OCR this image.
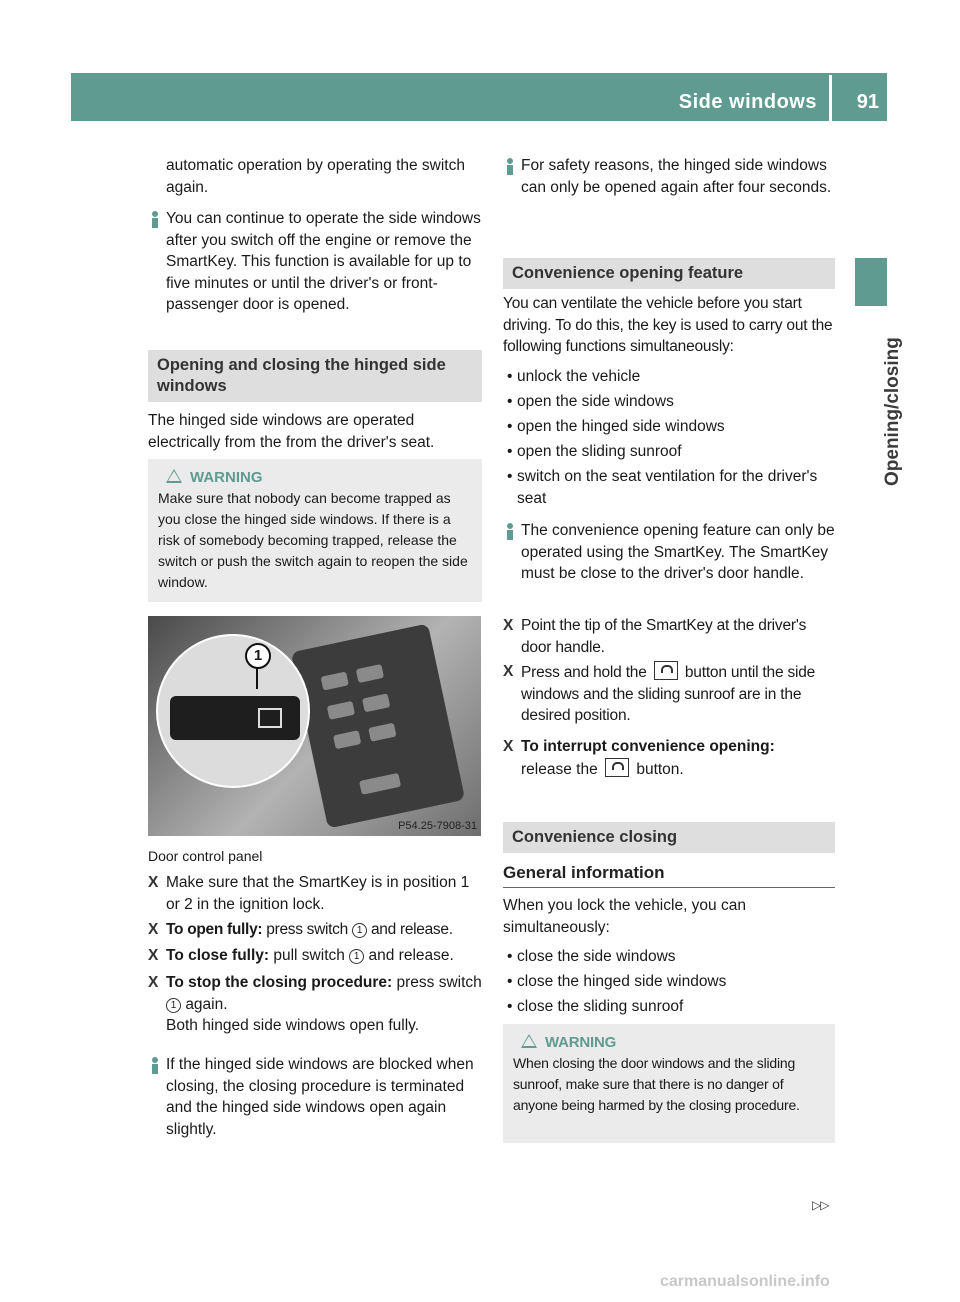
Side windows 91
Opening/closing
automatic operation by operating the switch again.
You can continue to operate the side windows after you switch off the engine or remove the SmartKey. This function is available for up to five minutes or until the driver's or front-passenger door is opened.
Opening and closing the hinged side windows
The hinged side windows are operated electrically from the from the driver's seat.
WARNING
Make sure that nobody can become trapped as you close the hinged side windows. If there is a risk of somebody becoming trapped, release the switch or push the switch again to reopen the side window.
1
P54.25-7908-31
Door control panel
X Make sure that the SmartKey is in position 1 or 2 in the ignition lock.
X To open fully: press switch 1 and release.
X To close fully: pull switch 1 and release.
X To stop the closing procedure: press switch 1 again.
Both hinged side windows open fully.
If the hinged side windows are blocked when closing, the closing procedure is terminated and the hinged side windows open again slightly.
For safety reasons, the hinged side windows can only be opened again after four seconds.
Convenience opening feature
You can ventilate the vehicle before you start driving. To do this, the key is used to carry out the following functions simultaneously:
• unlock the vehicle
• open the side windows
• open the hinged side windows
• open the sliding sunroof
• switch on the seat ventilation for the driver's seat
The convenience opening feature can only be operated using the SmartKey. The SmartKey must be close to the driver's door handle.
X Point the tip of the SmartKey at the driver's door handle.
X Press and hold the button until the side windows and the sliding sunroof are in the desired position.
X To interrupt convenience opening:
release the button.
Convenience closing
General information
When you lock the vehicle, you can simultaneously:
• close the side windows
• close the hinged side windows
• close the sliding sunroof
WARNING
When closing the door windows and the sliding sunroof, make sure that there is no danger of anyone being harmed by the closing procedure.
▷▷
carmanualsonline.info
